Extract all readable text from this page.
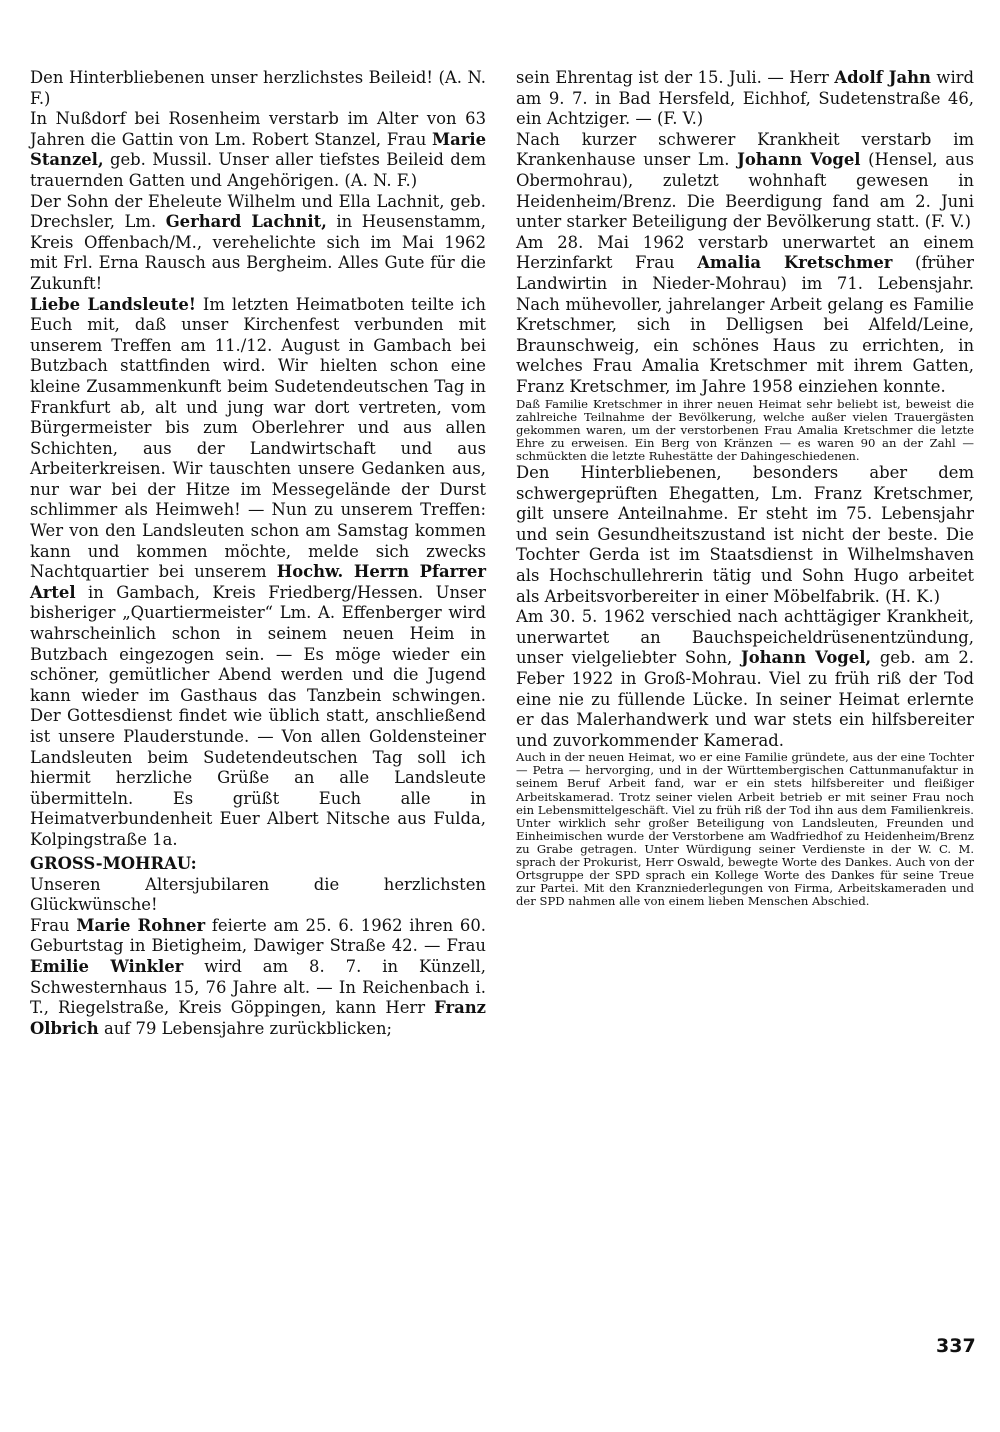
Den Hinterbliebenen unser herzlichstes Beileid! (A. N. F.)

In Nußdorf bei Rosenheim verstarb im Alter von 63 Jahren die Gattin von Lm. Robert Stanzel, Frau Marie Stanzel, geb. Mussil. Unser aller tiefstes Beileid dem trauernden Gatten und Angehörigen. (A. N. F.)

Der Sohn der Eheleute Wilhelm und Ella Lachnit, geb. Drechsler, Lm. Gerhard Lachnit, in Heusenstamm, Kreis Offenbach/M., verehelichte sich im Mai 1962 mit Frl. Erna Rausch aus Bergheim. Alles Gute für die Zukunft!

Liebe Landsleute! Im letzten Heimatboten teilte ich Euch mit, daß unser Kirchenfest verbunden mit unserem Treffen am 11./12. August in Gambach bei Butzbach stattfinden wird. Wir hielten schon eine kleine Zusammenkunft beim Sudetendeutschen Tag in Frankfurt ab, alt und jung war dort vertreten, vom Bürgermeister bis zum Oberlehrer und aus allen Schichten, aus der Landwirtschaft und aus Arbeiterkreisen. Wir tauschten unsere Gedanken aus, nur war bei der Hitze im Messegelände der Durst schlimmer als Heimweh! — Nun zu unserem Treffen: Wer von den Landsleuten schon am Samstag kommen kann und kommen möchte, melde sich zwecks Nachtquartier bei unserem Hochw. Herrn Pfarrer Artel in Gambach, Kreis Friedberg/Hessen. Unser bisheriger „Quartiermeister“ Lm. A. Effenberger wird wahrscheinlich schon in seinem neuen Heim in Butzbach eingezogen sein. — Es möge wieder ein schöner, gemütlicher Abend werden und die Jugend kann wieder im Gasthaus das Tanzbein schwingen. Der Gottesdienst findet wie üblich statt, anschließend ist unsere Plauderstunde. — Von allen Goldensteiner Landsleuten beim Sudetendeutschen Tag soll ich hiermit herzliche Grüße an alle Landsleute übermitteln. Es grüßt Euch alle in Heimatverbundenheit Euer Albert Nitsche aus Fulda, Kolpingstraße 1a.

GROSS-MOHRAU:

Unseren Altersjubilaren die herzlichsten Glückwünsche!

Frau Marie Rohner feierte am 25. 6. 1962 ihren 60. Geburtstag in Bietigheim, Dawiger Straße 42. — Frau Emilie Winkler wird am 8. 7. in Künzell, Schwesternhaus 15, 76 Jahre alt. — In Reichenbach i. T., Riegelstraße, Kreis Göppingen, kann Herr Franz Olbrich auf 79 Lebensjahre zurückblicken;

sein Ehrentag ist der 15. Juli. — Herr Adolf Jahn wird am 9. 7. in Bad Hersfeld, Eichhof, Sudetenstraße 46, ein Achtziger. — (F. V.)

Nach kurzer schwerer Krankheit verstarb im Krankenhause unser Lm. Johann Vogel (Hensel, aus Obermohrau), zuletzt wohnhaft gewesen in Heidenheim/Brenz. Die Beerdigung fand am 2. Juni unter starker Beteiligung der Bevölkerung statt. (F. V.)

Am 28. Mai 1962 verstarb unerwartet an einem Herzinfarkt Frau Amalia Kretschmer (früher Landwirtin in Nieder-Mohrau) im 71. Lebensjahr. Nach mühevoller, jahrelanger Arbeit gelang es Familie Kretschmer, sich in Delligsen bei Alfeld/Leine, Braunschweig, ein schönes Haus zu errichten, in welches Frau Amalia Kretschmer mit ihrem Gatten, Franz Kretschmer, im Jahre 1958 einziehen konnte.

Daß Familie Kretschmer in ihrer neuen Heimat sehr beliebt ist, beweist die zahlreiche Teilnahme der Bevölkerung, welche außer vielen Trauergästen gekommen waren, um der verstorbenen Frau Amalia Kretschmer die letzte Ehre zu erweisen. Ein Berg von Kränzen — es waren 90 an der Zahl — schmückten die letzte Ruhestätte der Dahingeschiedenen.

Den Hinterbliebenen, besonders aber dem schwergeprüften Ehegatten, Lm. Franz Kretschmer, gilt unsere Anteilnahme. Er steht im 75. Lebensjahr und sein Gesundheitszustand ist nicht der beste. Die Tochter Gerda ist im Staatsdienst in Wilhelmshaven als Hochschullehrerin tätig und Sohn Hugo arbeitet als Arbeitsvorbereiter in einer Möbelfabrik. (H. K.)

Am 30. 5. 1962 verschied nach achttägiger Krankheit, unerwartet an Bauchspeicheldrüsenentzündung, unser vielgeliebter Sohn, Johann Vogel, geb. am 2. Feber 1922 in Groß-Mohrau. Viel zu früh riß der Tod eine nie zu füllende Lücke. In seiner Heimat erlernte er das Malerhandwerk und war stets ein hilfsbereiter und zuvorkommender Kamerad.

Auch in der neuen Heimat, wo er eine Familie gründete, aus der eine Tochter — Petra — hervorging, und in der Württembergischen Cattunmanufaktur in seinem Beruf Arbeit fand, war er ein stets hilfsbereiter und fleißiger Arbeitskamerad. Trotz seiner vielen Arbeit betrieb er mit seiner Frau noch ein Lebensmittelgeschäft. Viel zu früh riß der Tod ihn aus dem Familienkreis. Unter wirklich sehr großer Beteiligung von Landsleuten, Freunden und Einheimischen wurde der Verstorbene am Wadfriedhof zu Heidenheim/Brenz zu Grabe getragen. Unter Würdigung seiner Verdienste in der W. C. M. sprach der Prokurist, Herr Oswald, bewegte Worte des Dankes. Auch von der Ortsgruppe der SPD sprach ein Kollege Worte des Dankes für seine Treue zur Partei. Mit den Kranzniederlegungen von Firma, Arbeitskameraden und der SPD nahmen alle von einem lieben Menschen Abschied.

337
